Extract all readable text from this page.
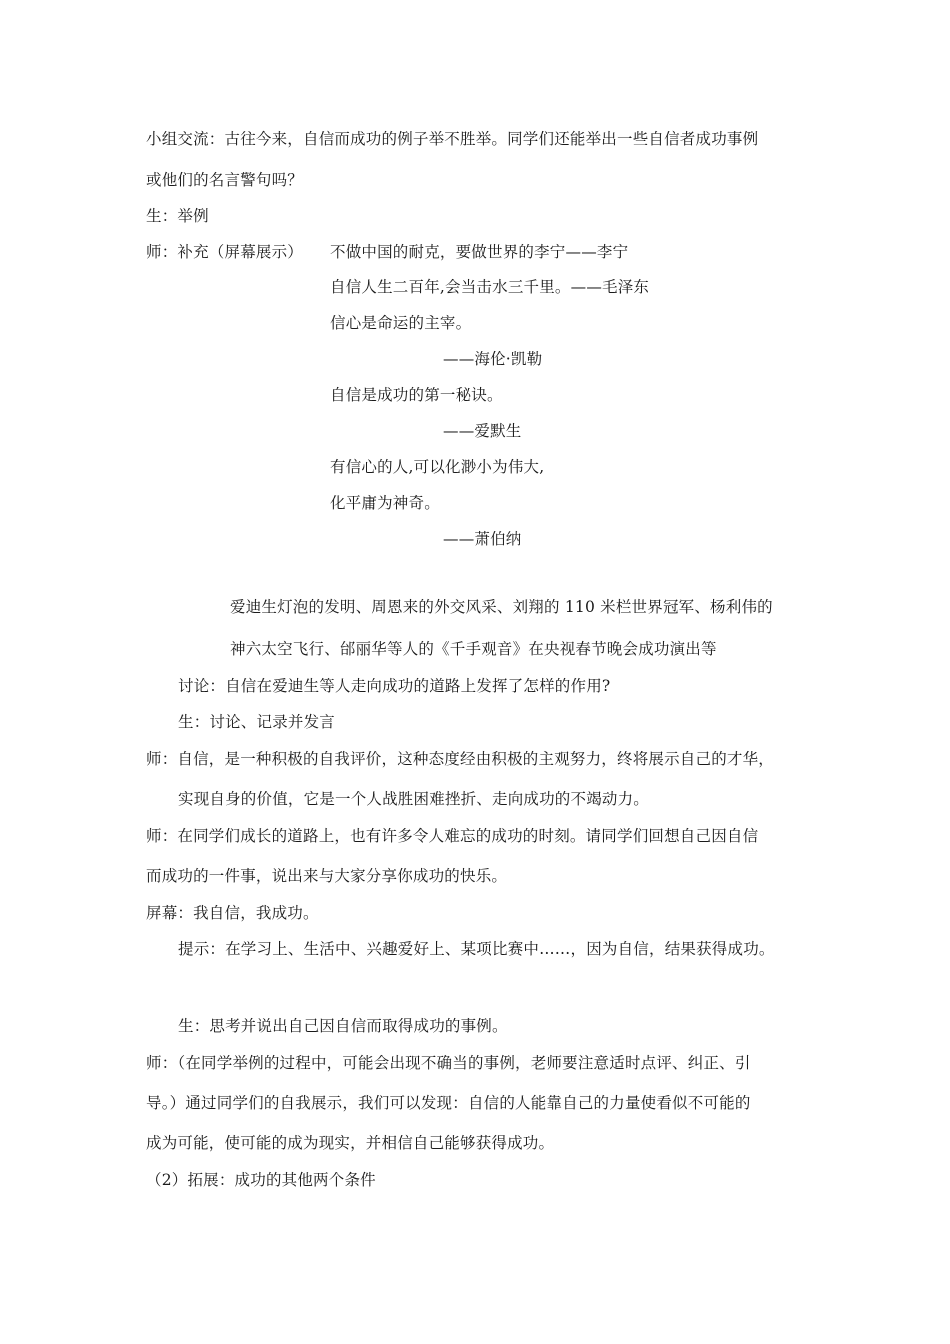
小组交流：古往今来，自信而成功的例子举不胜举。同学们还能举出一些自信者成功事例
或他们的名言警句吗？
生：举例
师：补充（屏幕展示） 不做中国的耐克，要做世界的李宁——李宁
自信人生二百年,会当击水三千里。——毛泽东
信心是命运的主宰。
——海伦·凯勒
自信是成功的第一秘诀。
——爱默生
有信心的人,可以化渺小为伟大,
化平庸为神奇。
——萧伯纳
爱迪生灯泡的发明、周恩来的外交风采、刘翔的 110 米栏世界冠军、杨利伟的
神六太空飞行、邰丽华等人的《千手观音》在央视春节晚会成功演出等
讨论：自信在爱迪生等人走向成功的道路上发挥了怎样的作用?
生：讨论、记录并发言
师：自信，是一种积极的自我评价，这种态度经由积极的主观努力，终将展示自己的才华，
实现自身的价值，它是一个人战胜困难挫折、走向成功的不竭动力。
师：在同学们成长的道路上，也有许多令人难忘的成功的时刻。请同学们回想自己因自信
而成功的一件事，说出来与大家分享你成功的快乐。
屏幕：我自信，我成功。
提示：在学习上、生活中、兴趣爱好上、某项比赛中……，因为自信，结果获得成功。
生：思考并说出自己因自信而取得成功的事例。
师：（在同学举例的过程中，可能会出现不确当的事例，老师要注意适时点评、纠正、引
导。）通过同学们的自我展示，我们可以发现：自信的人能靠自己的力量使看似不可能的
成为可能，使可能的成为现实，并相信自己能够获得成功。
（2）拓展：成功的其他两个条件
